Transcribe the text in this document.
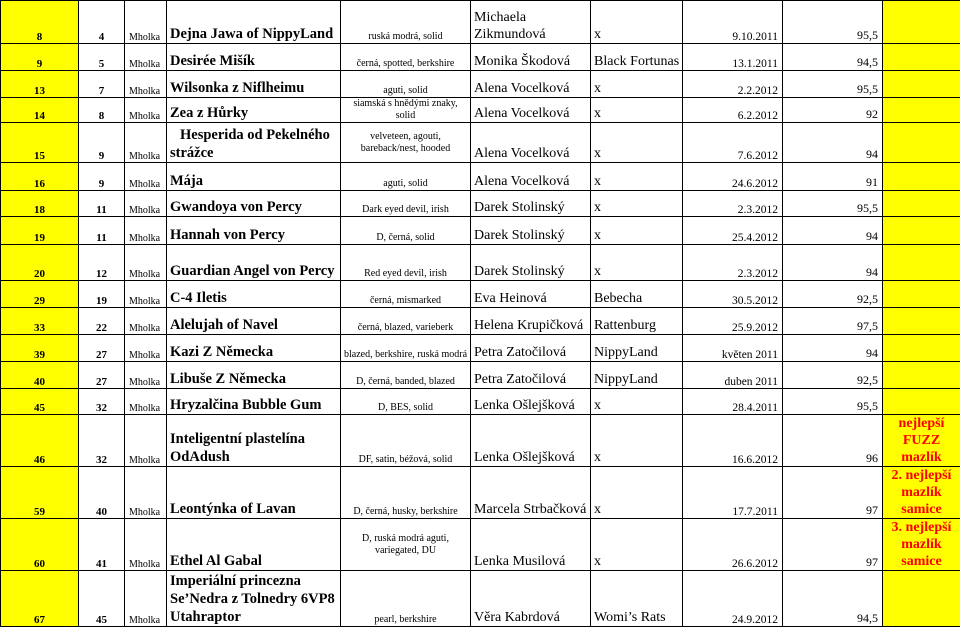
8	4	Mholka	Dejna Jawa of NippyLand	ruská modrá, solid	Michaela
Zikmundová	x	9.10.2011	95,5	
9	5	Mholka	Desirée Mišík	černá, spotted, berkshire	Monika Škodová	Black Fortunas	13.1.2011	94,5	
13	7	Mholka	Wilsonka z Niflheimu	aguti, solid	Alena Vocelková	x	2.2.2012	95,5	
14	8	Mholka	Zea z Hůrky	siamská s hnědými znaky, solid	Alena Vocelková	x	6.2.2012	92	
15	9	Mholka	Hesperida od Pekelného
strážce	velveteen, agouti, bareback/nest, hooded	Alena Vocelková	x	7.6.2012	94	
16	9	Mholka	Mája	aguti, solid	Alena Vocelková	x	24.6.2012	91	
18	11	Mholka	Gwandoya von Percy	Dark eyed devil, irish	Darek Stolinský	x	2.3.2012	95,5	
19	11	Mholka	Hannah von Percy	D, černá, solid	Darek Stolinský	x	25.4.2012	94	
20	12	Mholka	Guardian Angel von Percy	Red eyed devil, irish	Darek Stolinský	x	2.3.2012	94	
29	19	Mholka	C-4 Iletis	černá, mismarked	Eva Heinová	Bebecha	30.5.2012	92,5	
33	22	Mholka	Alelujah of Navel	černá, blazed, varieberk	Helena Krupičková	Rattenburg	25.9.2012	97,5	
39	27	Mholka	Kazi Z Německa	blazed, berkshire, ruská modrá	Petra Zatočilová	NippyLand	květen 2011	94	
40	27	Mholka	Libuše Z Německa	D, černá, banded, blazed	Petra Zatočilová	NippyLand	duben 2011	92,5	
45	32	Mholka	Hryzalčina Bubble Gum	D, BES, solid	Lenka Ošlejšková	x	28.4.2011	95,5	
46	32	Mholka	Inteligentní plastelína
OdAdush	DF, satin, béžová, solid	Lenka Ošlejšková	x	16.6.2012	96	nejlepší FUZZ mazlík
59	40	Mholka	Leontýnka of Lavan	D, černá, husky, berkshire	Marcela Strbačková	x	17.7.2011	97	2. nejlepší mazlík samice
60	41	Mholka	Ethel Al Gabal	D, ruská modrá aguti, variegated, DU	Lenka Musilová	x	26.6.2012	97	3. nejlepší mazlík samice
67	45	Mholka	Imperiální princezna
Se’Nedra z Tolnedry 6VP8
Utahraptor	pearl, berkshire	Věra Kabrdová	Womi’s Rats	24.9.2012	94,5	
